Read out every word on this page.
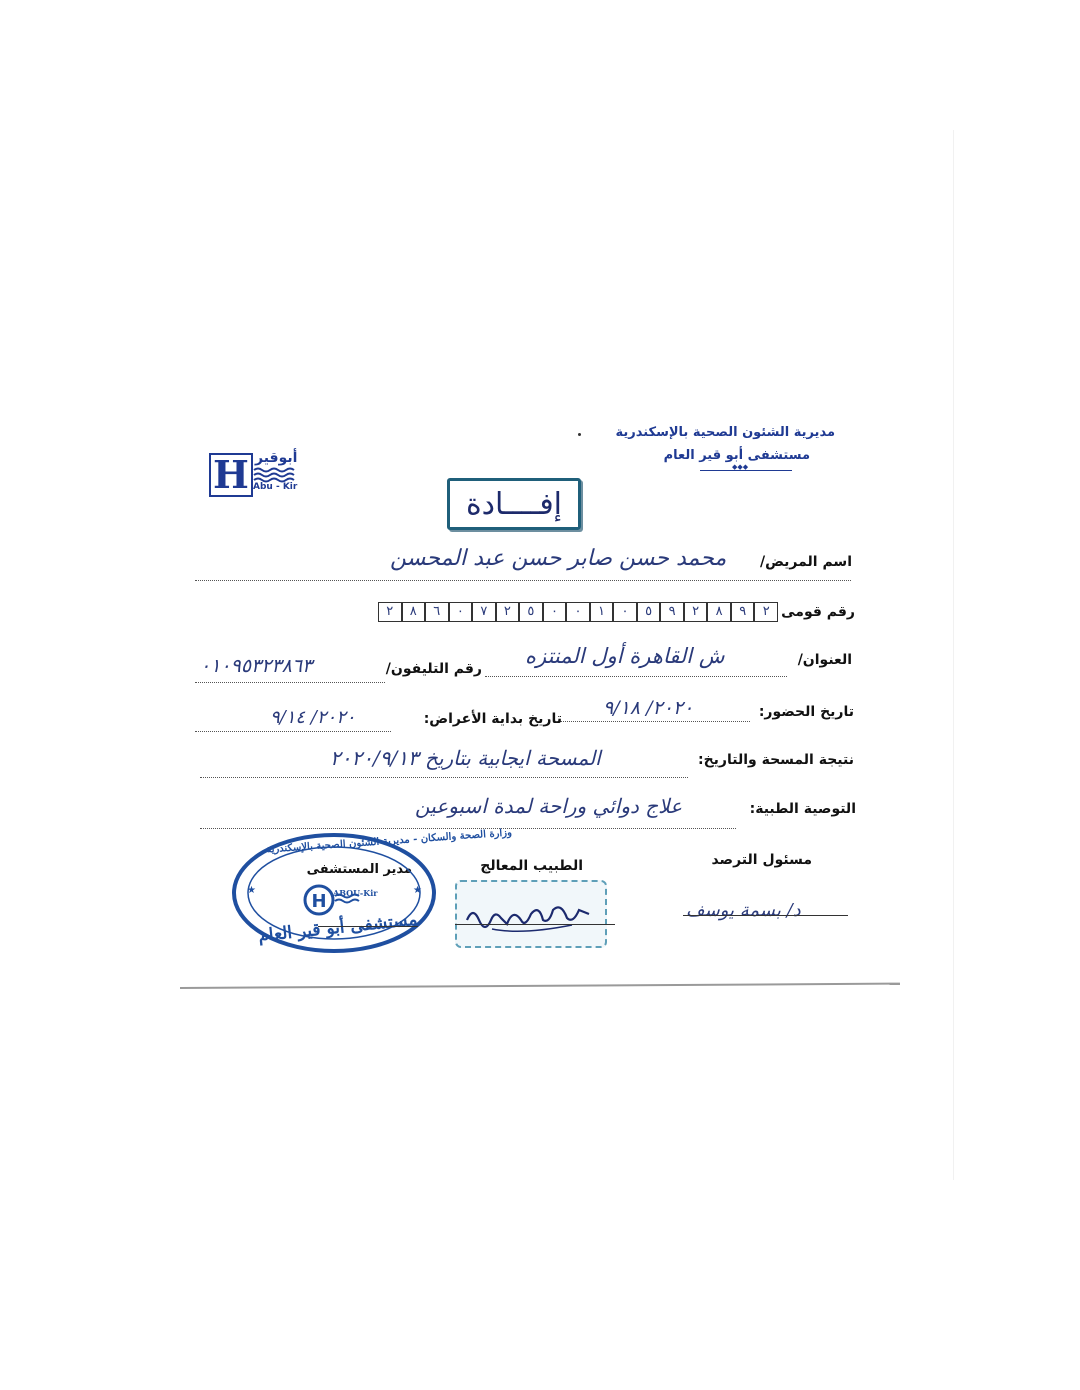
مديرية الشئون الصحية بالإسكندرية
مستشفى أبو قير العام
◆◆◆
H أبوقير
Abu - Kir	إفــــادة
اسم المريض/
محمد حسن صابر حسن عبد المحسن
رقم قومى
٢
٩
٨
٢
٩
٥
٠
١
٠
٠
٥
٢
٧
٠
٦
٨
٢
العنوان/
ش القاهرة أول المنتزه
رقم التليفون/
٠١٠٩٥٣٢٣٨٦٣
تاريخ الحضور:
٢٠٢٠/ ٩/١٨
تاريخ بداية الأعراض:
٢٠٢٠/ ٩/١٤
نتيجة المسحة والتاريخ:
المسحة ايجابية بتاريخ ٢٠٢٠/٩/١٣
التوصية الطبية:
علاج دوائي وراحة لمدة اسبوعين
مسئول الترصد
الطبيب المعالج
مدير المستشفى
د/ بسمة يوسف
H
★	★
وزارة الصحة والسكان - مديرية الشئون الصحية بالإسكندرية
مستشفى أبو قير العام
ABOU-Kir
